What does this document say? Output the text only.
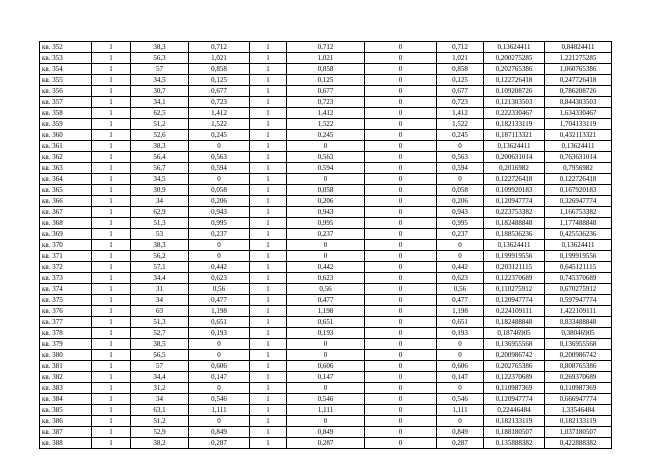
кв. 352	1	38,3	0,712	1	0,712	0	0,712	0,13624411	0,84824411
кв. 353	1	56,3	1,021	1	1,021	0	1,021	0,200275285	1,221275285
кв. 354	1	57	0,858	1	0,858	0	0,858	0,202765386	1,060765386
кв. 355	1	34,5	0,125	1	0,125	0	0,125	0,122726418	0,247726418
кв. 356	1	30,7	0,677	1	0,677	0	0,677	0,109208726	0,786208726
кв. 357	1	34,1	0,723	1	0,723	0	0,723	0,121303503	0,844303503
кв. 358	1	62,5	1,412	1	1,412	0	1,412	0,222330467	1,634330467
кв. 359	1	51,2	1,522	1	1,522	0	1,522	0,182133119	1,704133119
кв. 360	1	52,6	0,245	1	0,245	0	0,245	0,187113321	0,432113321
кв. 361	1	38,3	0	1	0	0	0	0,13624411	0,13624411
кв. 362	1	56,4	0,563	1	0,563	0	0,563	0,200631014	0,763631014
кв. 363	1	56,7	0,594	1	0,594	0	0,594	0,2016982	0,7956982
кв. 364	1	34,5	0	1	0	0	0	0,122726418	0,122726418
кв. 365	1	30,9	0,058	1	0,058	0	0,058	0,109920183	0,167920183
кв. 366	1	34	0,206	1	0,206	0	0,206	0,120947774	0,326947774
кв. 367	1	62,9	0,943	1	0,943	0	0,943	0,223753382	1,166753382
кв. 368	1	51,3	0,995	1	0,995	0	0,995	0,182488848	1,177488848
кв. 369	1	53	0,237	1	0,237	0	0,237	0,188536236	0,425536236
кв. 370	1	38,3	0	1	0	0	0	0,13624411	0,13624411
кв. 371	1	56,2	0	1	0	0	0	0,199919556	0,199919556
кв. 372	1	57,1	0,442	1	0,442	0	0,442	0,203121115	0,645121115
кв. 373	1	34,4	0,623	1	0,623	0	0,623	0,122370689	0,745370689
кв. 374	1	31	0,56	1	0,56	0	0,56	0,110275912	0,670275912
кв. 375	1	34	0,477	1	0,477	0	0,477	0,120947774	0,597947774
кв. 376	1	63	1,198	1	1,198	0	1,198	0,224109111	1,422109111
кв. 377	1	51,3	0,651	1	0,651	0	0,651	0,182488848	0,833488848
кв. 378	1	52,7	0,193	1	0,193	0	0,193	0,18746905	0,38046905
кв. 379	1	38,5	0	1	0	0	0	0,136955568	0,136955568
кв. 380	1	56,5	0	1	0	0	0	0,200986742	0,200986742
кв. 381	1	57	0,606	1	0,606	0	0,606	0,202765386	0,808765386
кв. 382	1	34,4	0,147	1	0,147	0	0,147	0,122370689	0,269370689
кв. 383	1	31,2	0	1	0	0	0	0,110987369	0,110987369
кв. 384	1	34	0,546	1	0,546	0	0,546	0,120947774	0,666947774
кв. 385	1	63,1	1,111	1	1,111	0	1,111	0,22446484	1,33546484
кв. 386	1	51,2	0	1	0	0	0	0,182133119	0,182133119
кв. 387	1	52,9	0,849	1	0,849	0	0,849	0,188180507	1,037180507
кв. 388	1	38,2	0,287	1	0,287	0	0,287	0,135888382	0,422888382
